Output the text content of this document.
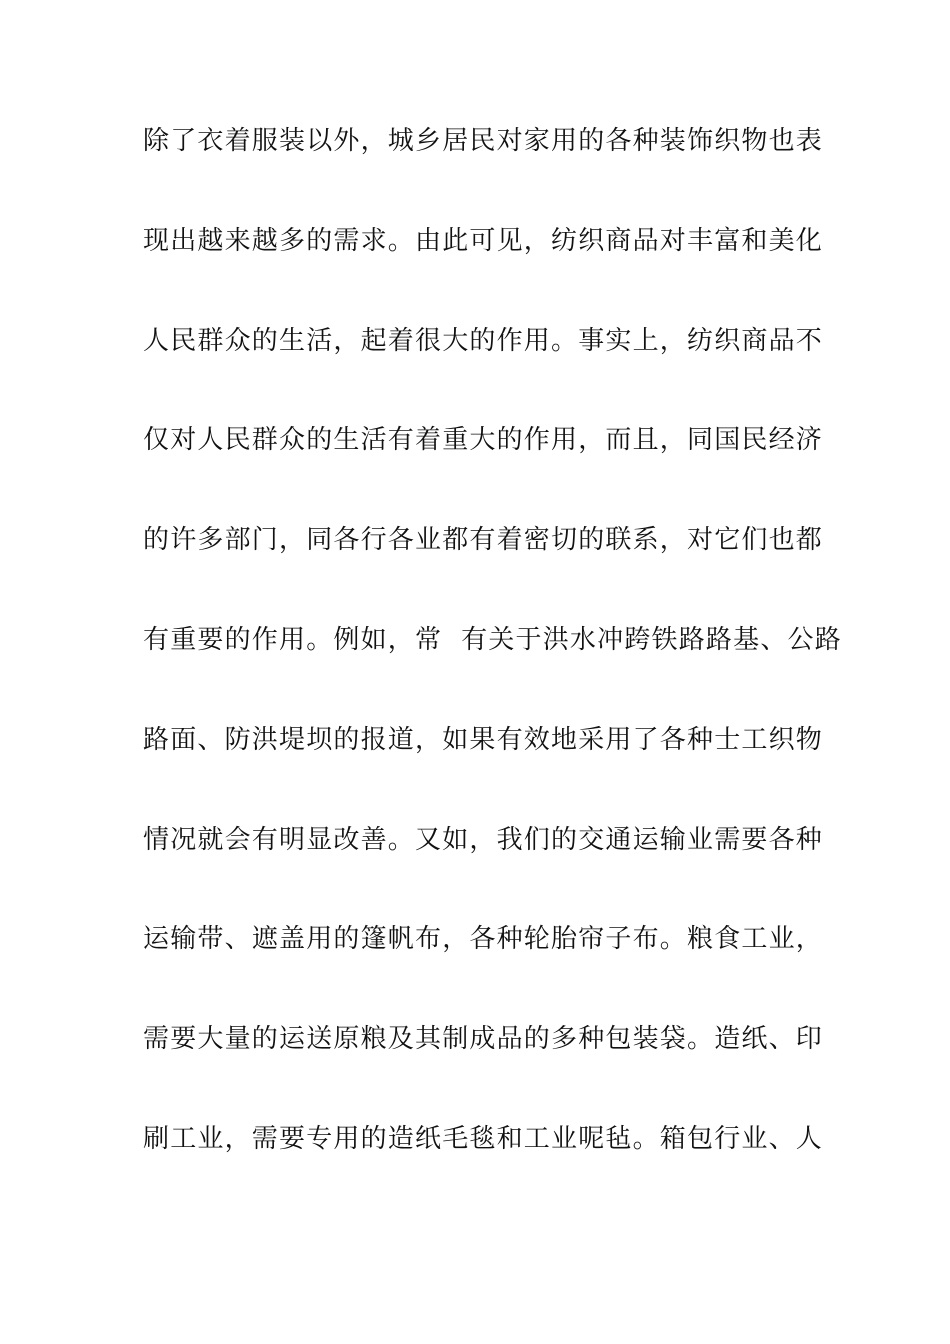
除了衣着服装以外，城乡居民对家用的各种装饰织物也表
现出越来越多的需求。由此可见，纺织商品对丰富和美化
人民群众的生活，起着很大的作用。事实上，纺织商品不
仅对人民群众的生活有着重大的作用，而且，同国民经济
的许多部门，同各行各业都有着密切的联系，对它们也都
有重要的作用。例如，常  有关于洪水冲跨铁路路基、公路
路面、防洪堤坝的报道，如果有效地采用了各种士工织物
情况就会有明显改善。又如，我们的交通运输业需要各种
运输带、遮盖用的篷帆布，各种轮胎帘子布。粮食工业，
需要大量的运送原粮及其制成品的多种包装袋。造纸、印
刷工业，需要专用的造纸毛毯和工业呢毡。箱包行业、人
